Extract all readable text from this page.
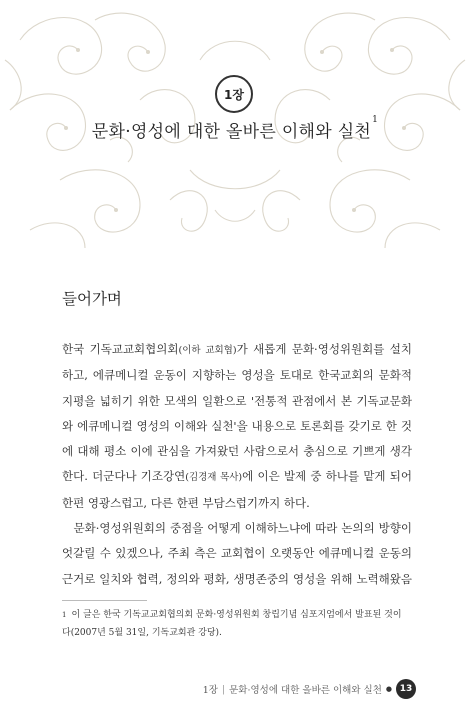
1장
문화·영성에 대한 올바른 이해와 실천$^1$
들어가며

한국 기독교교회협의회(이하 교회협)가 새롭게 문화·영성위원회를 설치

하고, 에큐메니컬 운동이 지향하는 영성을 토대로 한국교회의 문화적

지평을 넓히기 위한 모색의 일환으로 '전통적 관점에서 본 기독교문화

와 에큐메니컬 영성의 이해와 실천'을 내용으로 토론회를 갖기로 한 것

에 대해 평소 이에 관심을 가져왔던 사람으로서 충심으로 기쁘게 생각

한다. 더군다나 기조강연(김경재 목사)에 이은 발제 중 하나를 맡게 되어

한편 영광스럽고, 다른 한편 부담스럽기까지 하다.

문화·영성위원회의 중점을 어떻게 이해하느냐에 따라 논의의 방향이

엇갈릴 수 있겠으나, 주최 측은 교회협이 오랫동안 에큐메니컬 운동의

근거로 일치와 협력, 정의와 평화, 생명존중의 영성을 위해 노력해왔음

$^1$ 이 글은 한국 기독교교회협의회 문화·영성위원회 창립기념 심포지엄에서 발표된 것이
다(2007년 5월 31일, 기독교회관 강당).
1장 | 문화·영성에 대한 올바른 이해와 실천 ● 13
